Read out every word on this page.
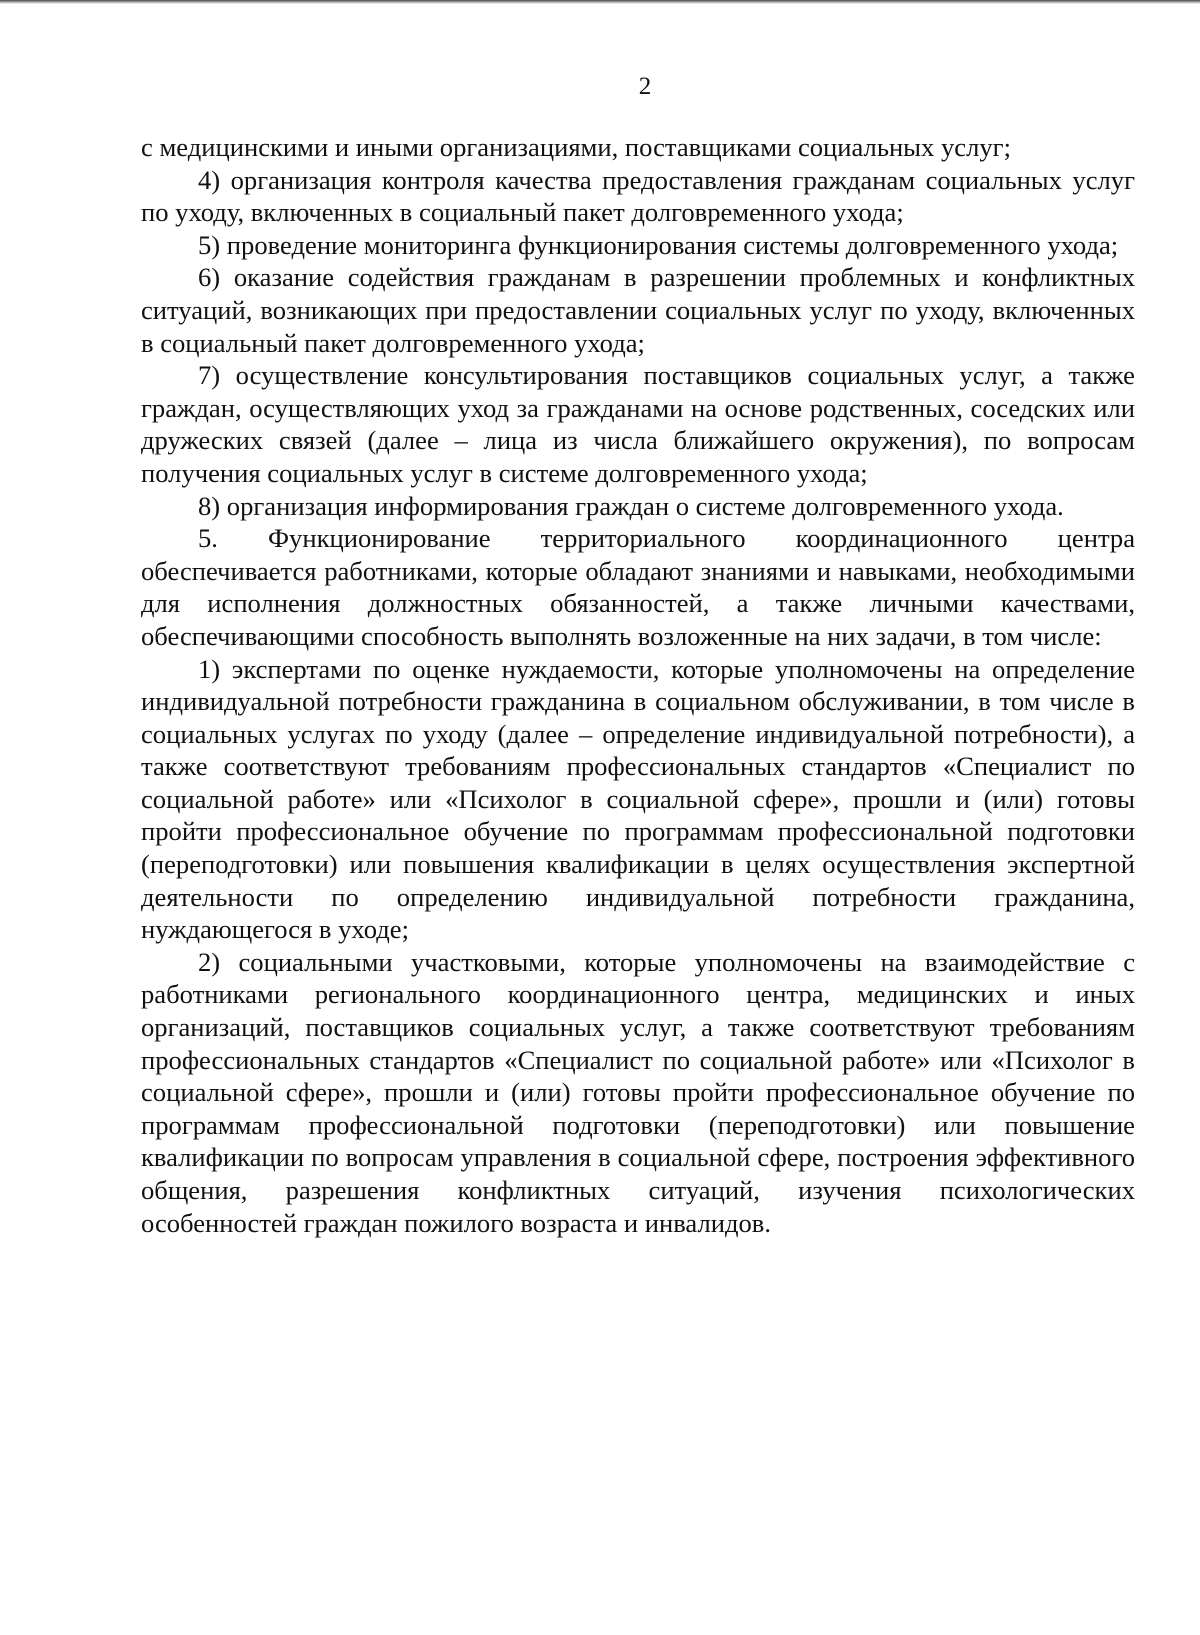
2

с медицинскими и иными организациями, поставщиками социальных услуг;

4) организация контроля качества предоставления гражданам социальных услуг по уходу, включенных в социальный пакет долговременного ухода;

5) проведение мониторинга функционирования системы долговременного ухода;

6) оказание содействия гражданам в разрешении проблемных и конфликтных ситуаций, возникающих при предоставлении социальных услуг по уходу, включенных в социальный пакет долговременного ухода;

7) осуществление консультирования поставщиков социальных услуг, а также граждан, осуществляющих уход за гражданами на основе родственных, соседских или дружеских связей (далее – лица из числа ближайшего окружения), по вопросам получения социальных услуг в системе долговременного ухода;

8) организация информирования граждан о системе долговременного ухода.

5. Функционирование территориального координационного центра обеспечивается работниками, которые обладают знаниями и навыками, необходимыми для исполнения должностных обязанностей, а также личными качествами, обеспечивающими способность выполнять возложенные на них задачи, в том числе:

1) экспертами по оценке нуждаемости, которые уполномочены на определение индивидуальной потребности гражданина в социальном обслуживании, в том числе в социальных услугах по уходу (далее – определение индивидуальной потребности), а также соответствуют требованиям профессиональных стандартов «Специалист по социальной работе» или «Психолог в социальной сфере», прошли и (или) готовы пройти профессиональное обучение по программам профессиональной подготовки (переподготовки) или повышения квалификации в целях осуществления экспертной деятельности по определению индивидуальной потребности гражданина, нуждающегося в уходе;

2) социальными участковыми, которые уполномочены на взаимодействие с работниками регионального координационного центра, медицинских и иных организаций, поставщиков социальных услуг, а также соответствуют требованиям профессиональных стандартов «Специалист по социальной работе» или «Психолог в социальной сфере», прошли и (или) готовы пройти профессиональное обучение по программам профессиональной подготовки (переподготовки) или повышение квалификации по вопросам управления в социальной сфере, построения эффективного общения, разрешения конфликтных ситуаций, изучения психологических особенностей граждан пожилого возраста и инвалидов.
